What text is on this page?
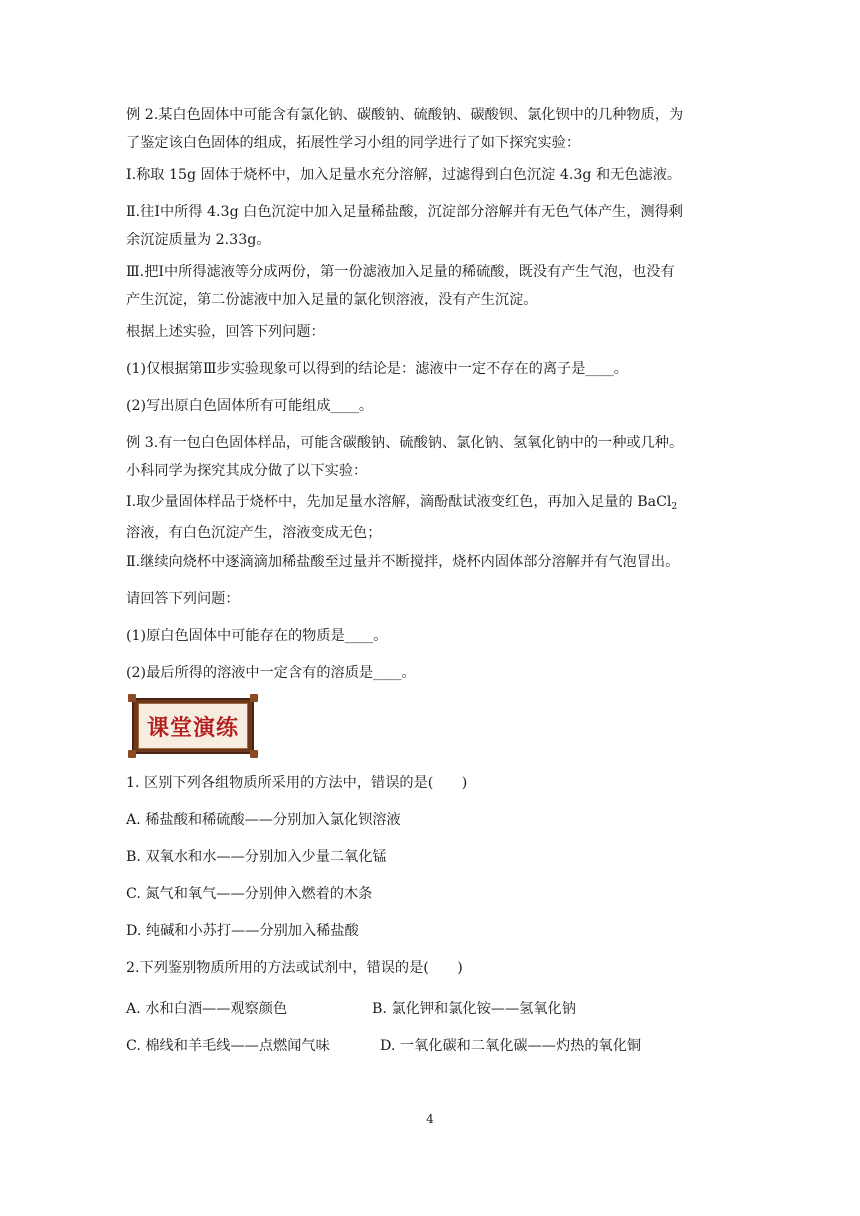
例 2.某白色固体中可能含有氯化钠、碳酸钠、硫酸钠、碳酸钡、氯化钡中的几种物质，为
了鉴定该白色固体的组成，拓展性学习小组的同学进行了如下探究实验：
Ⅰ.称取 15g 固体于烧杯中，加入足量水充分溶解，过滤得到白色沉淀 4.3g 和无色滤液。
Ⅱ.往Ⅰ中所得 4.3g 白色沉淀中加入足量稀盐酸，沉淀部分溶解并有无色气体产生，测得剩
余沉淀质量为 2.33g。
Ⅲ.把Ⅰ中所得滤液等分成两份，第一份滤液加入足量的稀硫酸，既没有产生气泡，也没有
产生沉淀，第二份滤液中加入足量的氯化钡溶液，没有产生沉淀。
根据上述实验，回答下列问题：
(1)仅根据第Ⅲ步实验现象可以得到的结论是：滤液中一定不存在的离子是____。
(2)写出原白色固体所有可能组成____。
例 3.有一包白色固体样品，可能含碳酸钠、硫酸钠、氯化钠、氢氧化钠中的一种或几种。
小科同学为探究其成分做了以下实验：
Ⅰ.取少量固体样品于烧杯中，先加足量水溶解，滴酚酞试液变红色，再加入足量的 BaCl$_2$
溶液，有白色沉淀产生，溶液变成无色；
Ⅱ.继续向烧杯中逐滴滴加稀盐酸至过量并不断搅拌，烧杯内固体部分溶解并有气泡冒出。
请回答下列问题：
(1)原白色固体中可能存在的物质是____。
(2)最后所得的溶液中一定含有的溶质是____。
课堂演练
1. 区别下列各组物质所采用的方法中，错误的是(　　)
A. 稀盐酸和稀硫酸——分别加入氯化钡溶液
B. 双氧水和水——分别加入少量二氧化锰
C. 氮气和氧气——分别伸入燃着的木条
D. 纯碱和小苏打——分别加入稀盐酸
2.下列鉴别物质所用的方法或试剂中，错误的是(　　)
A. 水和白酒——观察颜色	B. 氯化钾和氯化铵——氢氧化钠
C. 棉线和羊毛线——点燃闻气味	D. 一氧化碳和二氧化碳——灼热的氧化铜
4
